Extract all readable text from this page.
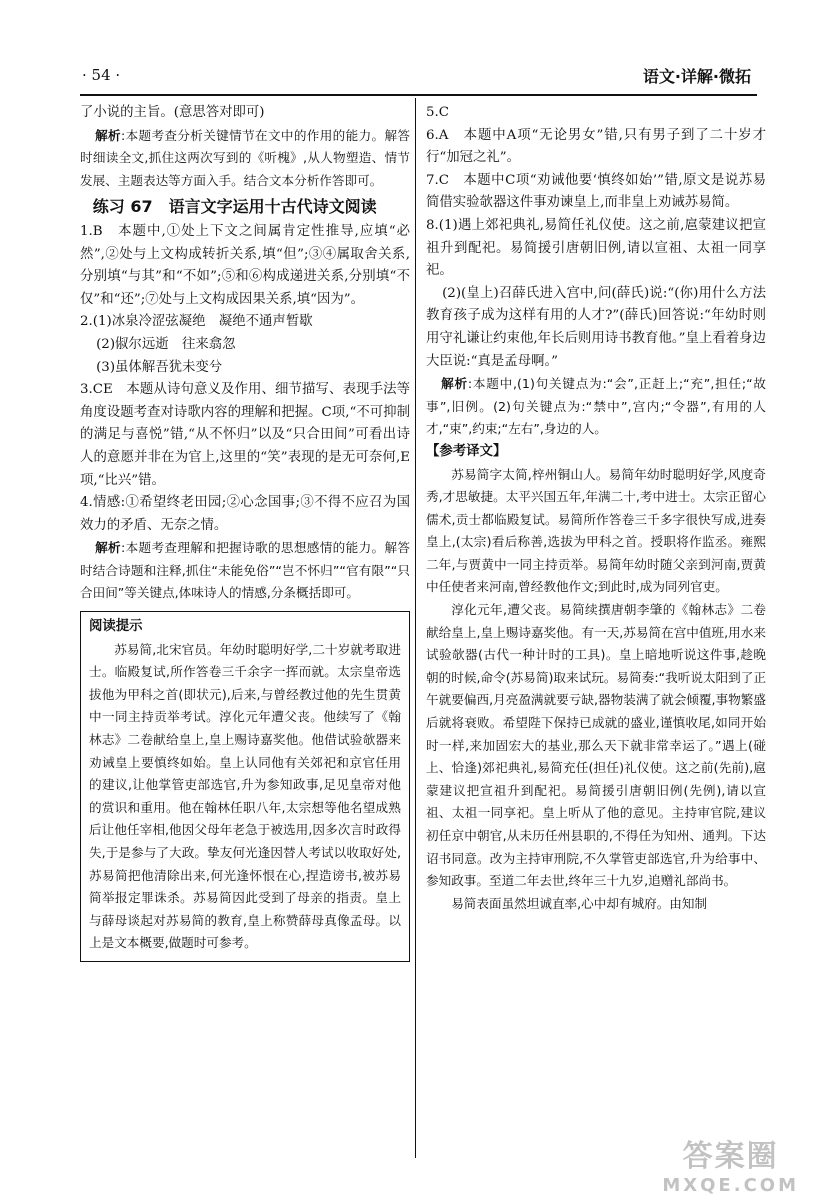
· 54 ·	语文·详解·微拓

了小说的主旨。(意思答对即可)

解析:本题考查分析关键情节在文中的作用的能力。解答时细读全文,抓住这两次写到的《听槐》,从人物塑造、情节发展、主题表达等方面入手。结合文本分析作答即可。

练习 67　语言文字运用十古代诗文阅读

1.B　本题中,①处上下文之间属肯定性推导,应填“必然”,②处与上文构成转折关系,填“但”;③④属取舍关系,分别填“与其”和“不如”;⑤和⑥构成递进关系,分别填“不仅”和“还”;⑦处与上文构成因果关系,填“因为”。

2.(1)冰泉冷涩弦凝绝　凝绝不通声暂歇

(2)俶尔远逝　往来翕忽

(3)虽体解吾犹未变兮

3.CE　本题从诗句意义及作用、细节描写、表现手法等角度设题考查对诗歌内容的理解和把握。C项,“不可抑制的满足与喜悦”错,“从不怀归”以及“只合田间”可看出诗人的意愿并非在为官上,这里的“笑”表现的是无可奈何,E项,“比兴”错。

4.情感:①希望终老田园;②心念国事;③不得不应召为国效力的矛盾、无奈之情。

解析:本题考查理解和把握诗歌的思想感情的能力。解答时结合诗题和注释,抓住“未能免俗”“岂不怀归”“官有限”“只合田间”等关键点,体味诗人的情感,分条概括即可。

阅读提示

苏易简,北宋官员。年幼时聪明好学,二十岁就考取进士。临殿复试,所作答卷三千余字一挥而就。太宗皇帝选拔他为甲科之首(即状元),后来,与曾经教过他的先生贯黄中一同主持贡举考试。淳化元年遭父丧。他续写了《翰林志》二卷献给皇上,皇上赐诗嘉奖他。他借试验欹器来劝诫皇上要慎终如始。皇上认同他有关郊祀和京官任用的建议,让他掌管吏部选官,升为参知政事,足见皇帝对他的赏识和重用。他在翰林任职八年,太宗想等他名望成熟后让他任宰相,他因父母年老急于被选用,因多次言时政得失,于是参与了大政。挚友何光逢因替人考试以收取好处,苏易简把他清除出来,何光逢怀恨在心,捏造谤书,被苏易简举报定罪诛杀。苏易简因此受到了母亲的指责。皇上与薛母谈起对苏易简的教育,皇上称赞薛母真像孟母。以上是文本概要,做题时可参考。

5.C

6.A　本题中A项“无论男女”错,只有男子到了二十岁才行“加冠之礼”。

7.C　本题中C项“劝诫他要‘慎终如始’”错,原文是说苏易简借实验欹器这件事劝谏皇上,而非皇上劝诫苏易简。

8.(1)遇上郊祀典礼,易简任礼仪使。这之前,扈蒙建议把宣祖升到配祀。易简援引唐朝旧例,请以宣祖、太祖一同享祀。

(2)(皇上)召薛氏进入宫中,问(薛氏)说:“(你)用什么方法教育孩子成为这样有用的人才?”(薛氏)回答说:“年幼时则用守礼谦让约束他,年长后则用诗书教育他。”皇上看着身边大臣说:“真是孟母啊。”

解析:本题中,(1)句关键点为:“会”,正赶上;“充”,担任;“故事”,旧例。(2)句关键点为:“禁中”,宫内;“令器”,有用的人才,“束”,约束;“左右”,身边的人。

【参考译文】

苏易简字太简,梓州铜山人。易简年幼时聪明好学,风度奇秀,才思敏捷。太平兴国五年,年满二十,考中进士。太宗正留心儒术,贡士都临殿复试。易简所作答卷三千多字很快写成,进奏皇上,(太宗)看后称善,选拔为甲科之首。授职将作监丞。雍熙二年,与贾黄中一同主持贡举。易简年幼时随父亲到河南,贾黄中任使者来河南,曾经教他作文;到此时,成为同列官吏。

淳化元年,遭父丧。易简续撰唐朝李肇的《翰林志》二卷献给皇上,皇上赐诗嘉奖他。有一天,苏易简在宫中值班,用水来试验欹器(古代一种计时的工具)。皇上暗地听说这件事,趁晚朝的时候,命令(苏易简)取来试玩。易简奏:“我听说太阳到了正午就要偏西,月亮盈满就要亏缺,器物装满了就会倾覆,事物繁盛后就将衰败。希望陛下保持已成就的盛业,谨慎收尾,如同开始时一样,来加固宏大的基业,那么天下就非常幸运了。”遇上(碰上、恰逢)郊祀典礼,易简充任(担任)礼仪使。这之前(先前),扈蒙建议把宣祖升到配祀。易简援引唐朝旧例(先例),请以宣祖、太祖一同享祀。皇上听从了他的意见。主持审官院,建议初任京中朝官,从未历任州县职的,不得任为知州、通判。下达诏书同意。改为主持审刑院,不久掌管吏部选官,升为给事中、参知政事。至道二年去世,终年三十九岁,追赠礼部尚书。

易简表面虽然坦诚直率,心中却有城府。由知制

答案圈
MXQE.COM
